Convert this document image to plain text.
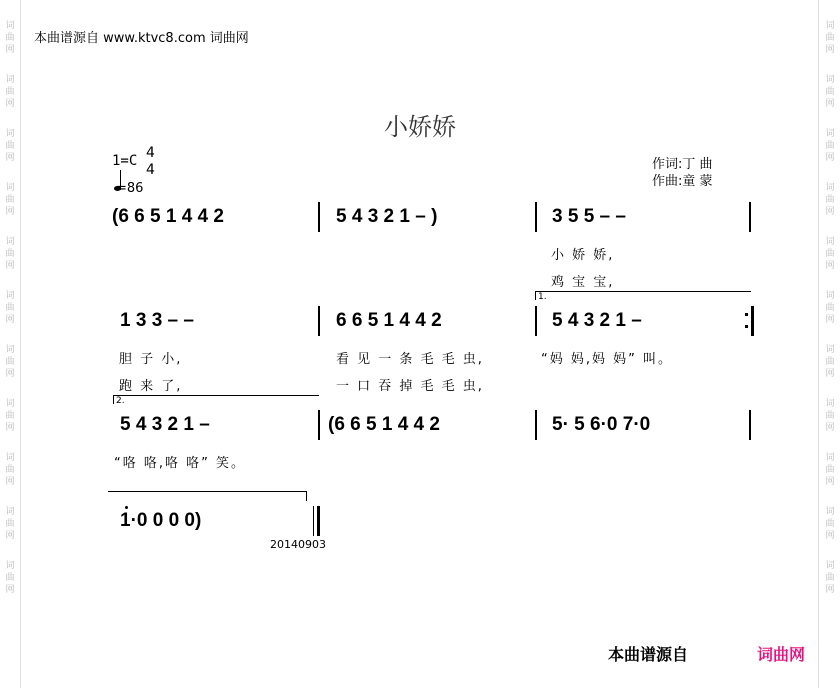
词曲网
词曲网
词曲网
词曲网
词曲网
词曲网
词曲网
词曲网
词曲网
词曲网
词曲网
词曲网
词曲网
词曲网
词曲网
词曲网
词曲网
词曲网
词曲网
词曲网
词曲网
词曲网
本曲谱源自 www.ktvc8.com 词曲网
小娇娇
1=C 4
4
=86
作词:丁 曲
作曲:童 蒙
(6 6 5 1 4 4 2	5 4 3 2 1 – )	3 5 5 – –
小 娇 娇,
鸡 宝 宝,
1.
1 3 3 – –	6 6 5 1 4 4 2	5 4 3 2 1 –
胆 子 小,	看 见 一 条 毛 毛 虫,	“妈 妈,妈 妈” 叫。
跑 来 了,	一 口 吞 掉 毛 毛 虫,
2.
5 4 3 2 1 –	(6 6 5 1 4 4 2	5· 5 6·0 7·0
“咯 咯,咯 咯” 笑。
1·0 0 0 0)
20140903
本曲谱源自	词曲网
